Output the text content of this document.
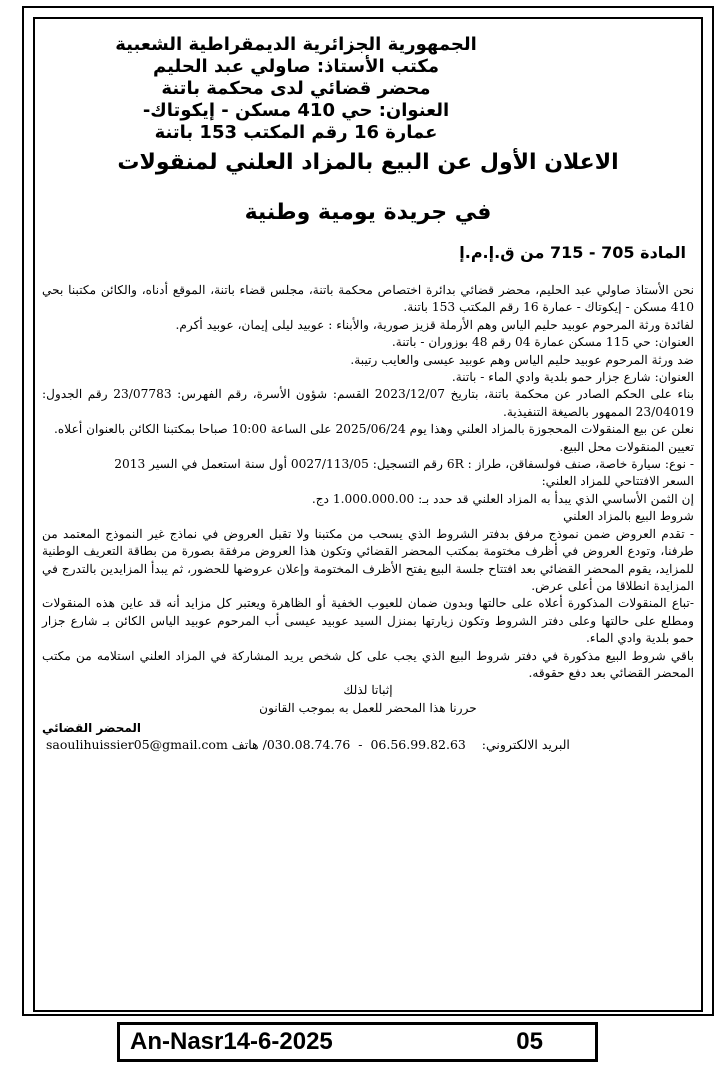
الجمهورية الجزائرية الديمقراطية الشعبية

مكتب الأستاذ: صاولي عبد الحليم

محضر قضائي لدى محكمة باتنة

العنوان: حي 410 مسكن - إيكوتاك-

عمارة 16 رقم المكتب 153 باتنة

الاعلان الأول عن البيع بالمزاد العلني لمنقولات

في جريدة يومية وطنية

المادة 705 - 715 من ق.إ.م.إ

نحن الأستاذ صاولي عبد الحليم، محضر قضائي بدائرة اختصاص محكمة باتنة، مجلس قضاء باتنة، الموقع أدناه، والكائن مكتبنا بحي 410 مسكن - إيكوتاك - عمارة 16 رقم المكتب 153 باتنة.

لفائدة ورثة المرحوم عوبيد حليم الياس وهم الأرملة قزيز صورية، والأبناء : عوبيد ليلى إيمان، عوبيد أكرم.

العنوان: حي 115 مسكن عمارة 04 رقم 48 بوزوران - باتنة.

ضد ورثة المرحوم عوبيد حليم الياس وهم عوبيد عيسى والعايب رتيبة.

العنوان: شارع جزار حمو بلدية وادي الماء - باتنة.

بناء على الحكم الصادر عن محكمة باتنة، بتاريخ 2023/12/07 القسم: شؤون الأسرة، رقم الفهرس: 23/07783 رقم الجدول: 23/04019 الممهور بالصيغة التنفيذية.

نعلن عن بيع المنقولات المحجوزة بالمزاد العلني وهذا يوم 2025/06/24 على الساعة 10:00 صباحا بمكتبنا الكائن بالعنوان أعلاه.

تعيين المنقولات محل البيع.

- نوع: سيارة خاصة، صنف فولسفاقن، طراز : 6R رقم التسجيل: 0027/113/05 أول سنة استعمل في السير 2013

السعر الافتتاحي للمزاد العلني:

إن الثمن الأساسي الذي يبدأ به المزاد العلني قد حدد بـ: 1.000.000.00 دج.

شروط البيع بالمزاد العلني

- تقدم العروض ضمن نموذج مرفق بدفتر الشروط الذي يسحب من مكتبنا ولا تقبل العروض في نماذج غير النموذج المعتمد من طرفنا، وتودع العروض في أظرف مختومة بمكتب المحضر القضائي وتكون هذا العروض مرفقة بصورة من بطاقة التعريف الوطنية للمزايد، يقوم المحضر القضائي بعد افتتاح جلسة البيع يفتح الأظرف المختومة وإعلان عروضها للحضور، ثم يبدأ المزايدين بالتدرج في المزايدة انطلاقا من أعلى عرض.

-تباع المنقولات المذكورة أعلاه على حالتها وبدون ضمان للعيوب الخفية أو الظاهرة ويعتبر كل مزايد أنه قد عاين هذه المنقولات ومطلع على حالتها وعلى دفتر الشروط وتكون زيارتها بمنزل السيد عوبيد عيسى أب المرحوم عوبيد الياس الكائن بـ شارع جزار حمو بلدية وادي الماء.

باقي شروط البيع مذكورة في دفتر شروط البيع الذي يجب على كل شخص يريد المشاركة في المزاد العلني استلامه من مكتب المحضر القضائي بعد دفع حقوقه.

إثباتا لذلك

حررنا هذا المحضر للعمل به بموجب القانون

المحضر القضائي
saoulihuissier05@gmail.com	البريد الالكتروني:    06.56.99.82.63  -  030.08.74.76/ هاتف
An-Nasr14-6-2025	05
